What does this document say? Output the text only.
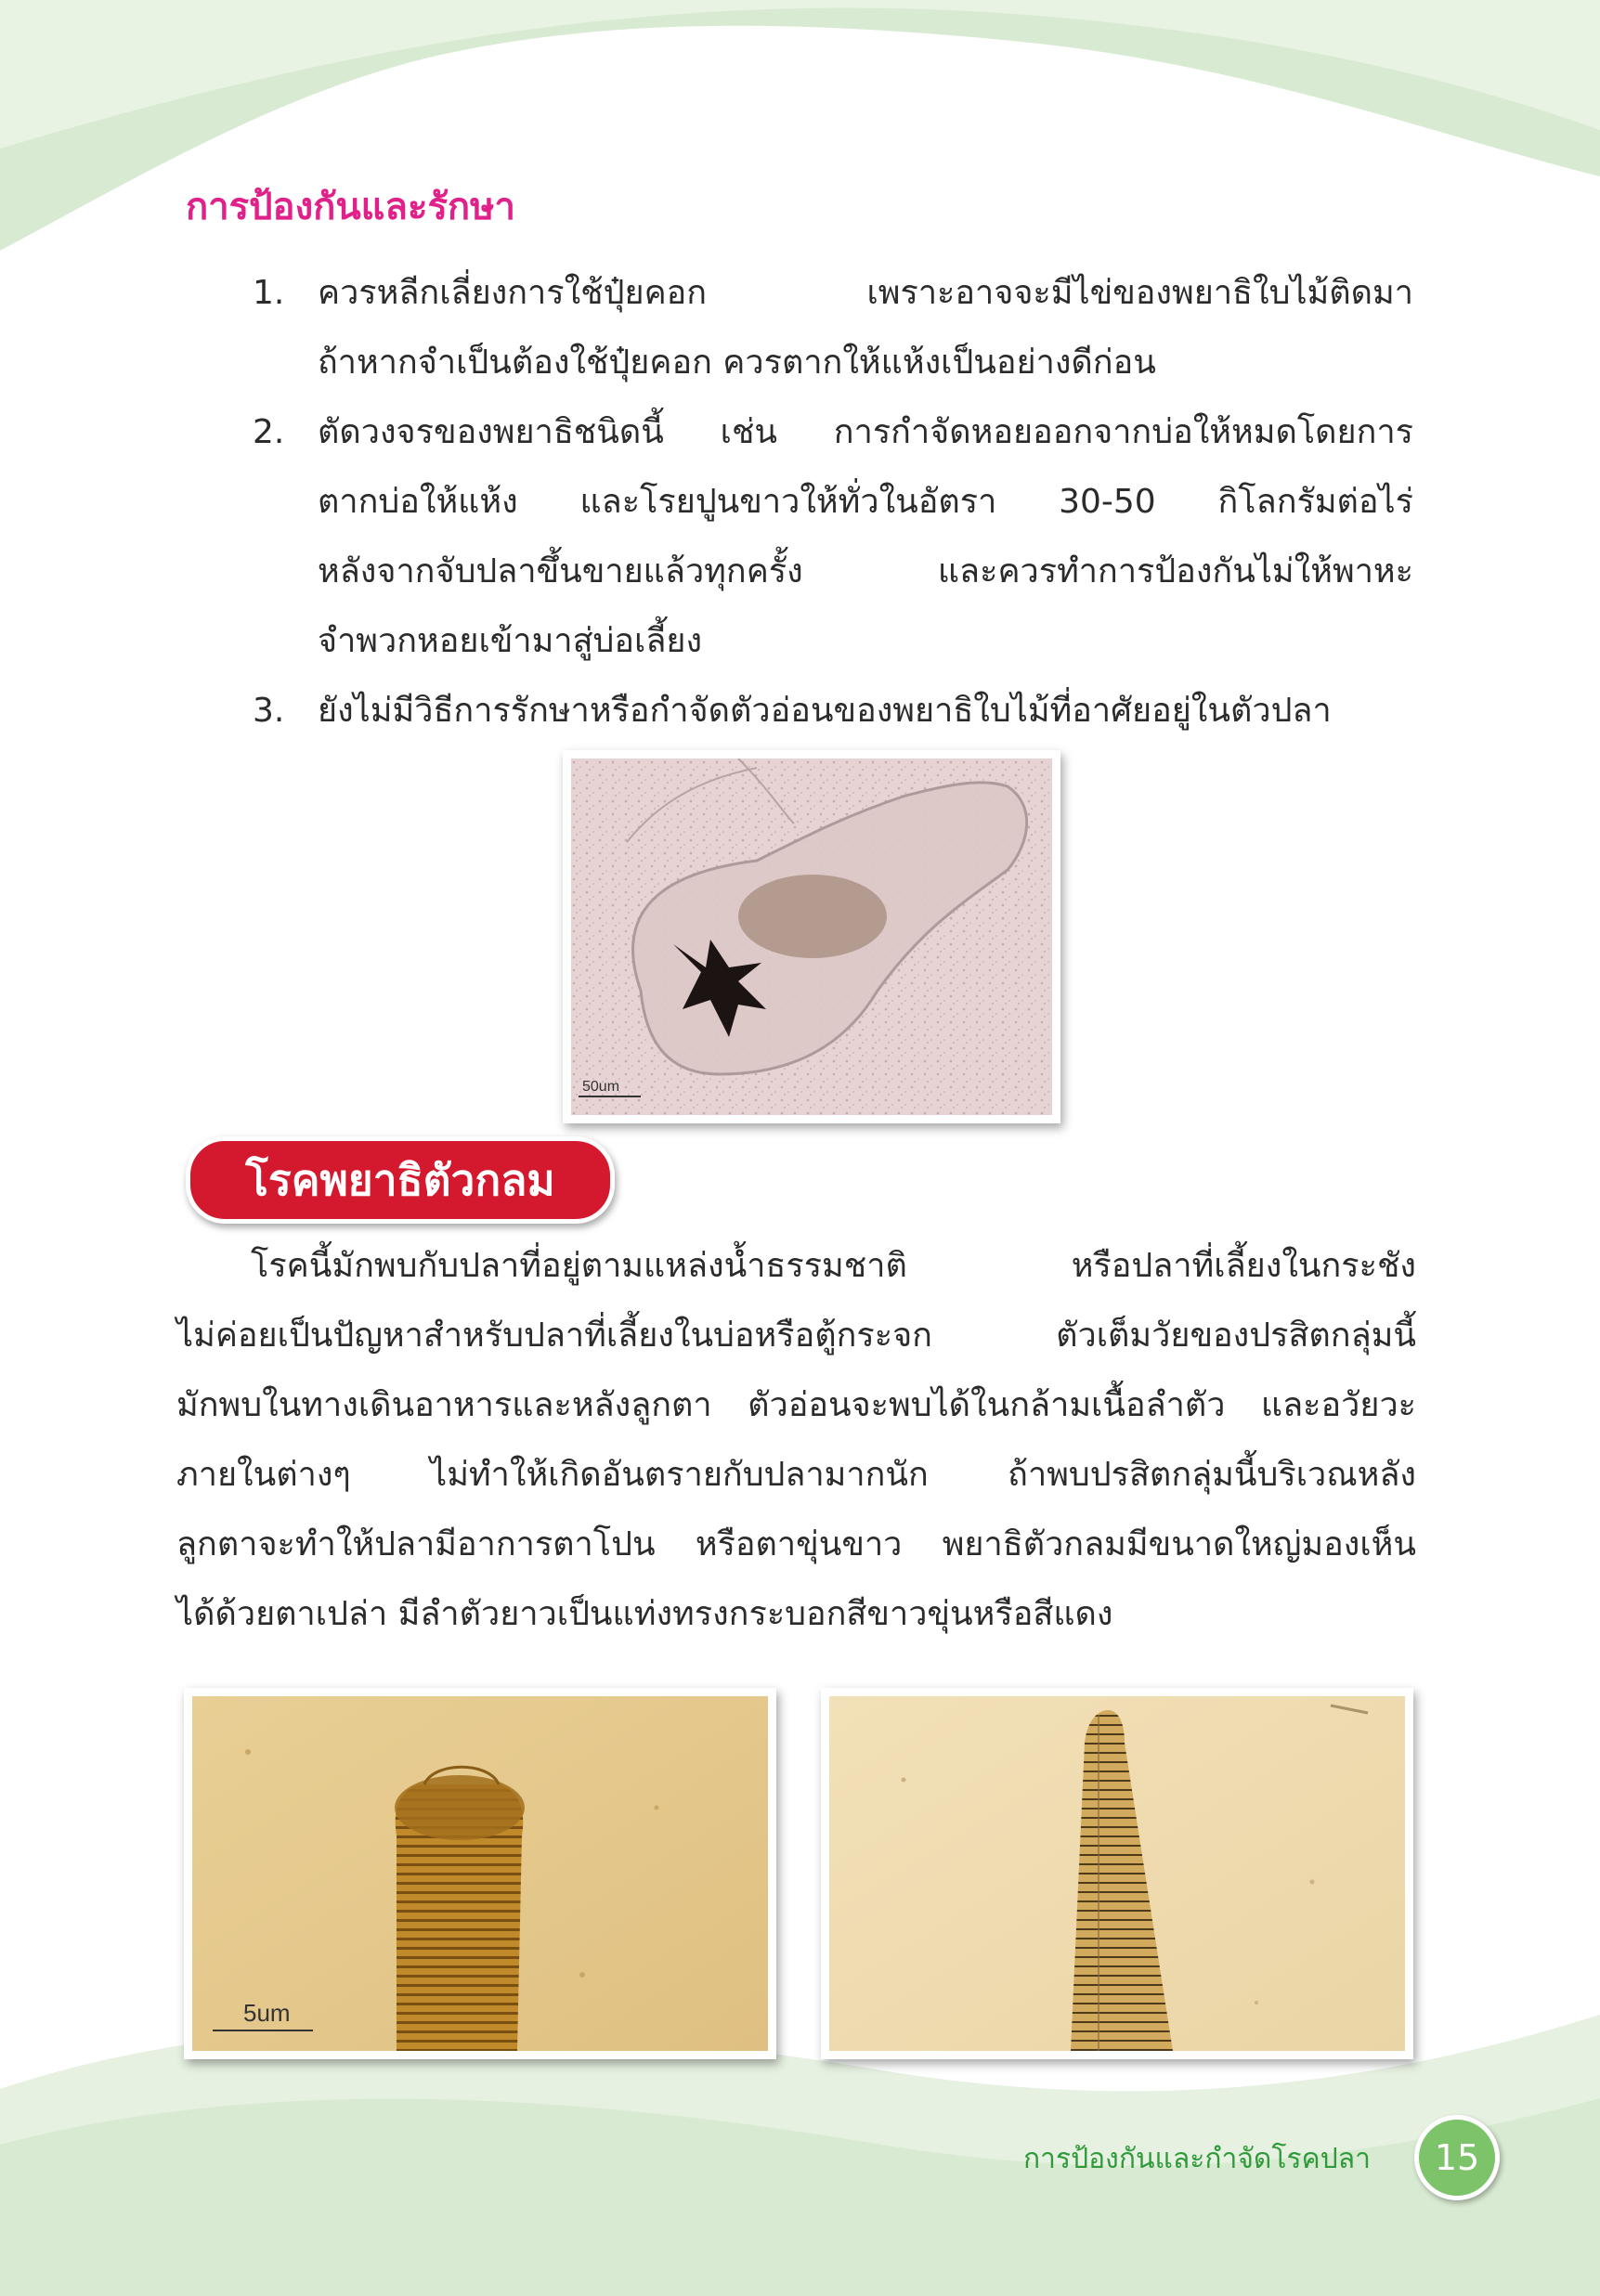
การป้องกันและรักษา
1. ควรหลีกเลี่ยงการใช้ปุ๋ยคอก เพราะอาจจะมีไข่ของพยาธิใบไม้ติดมา
ถ้าหากจำเป็นต้องใช้ปุ๋ยคอก ควรตากให้แห้งเป็นอย่างดีก่อน
2. ตัดวงจรของพยาธิชนิดนี้ เช่น การกำจัดหอยออกจากบ่อให้หมดโดยการ
ตากบ่อให้แห้ง และโรยปูนขาวให้ทั่วในอัตรา 30-50 กิโลกรัมต่อไร่
หลังจากจับปลาขึ้นขายแล้วทุกครั้ง และควรทำการป้องกันไม่ให้พาหะ
จำพวกหอยเข้ามาสู่บ่อเลี้ยง
3. ยังไม่มีวิธีการรักษาหรือกำจัดตัวอ่อนของพยาธิใบไม้ที่อาศัยอยู่ในตัวปลา
50um
โรคพยาธิตัวกลม
โรคนี้มักพบกับปลาที่อยู่ตามแหล่งน้ำธรรมชาติ หรือปลาที่เลี้ยงในกระชัง
ไม่ค่อยเป็นปัญหาสำหรับปลาที่เลี้ยงในบ่อหรือตู้กระจก ตัวเต็มวัยของปรสิตกลุ่มนี้
มักพบในทางเดินอาหารและหลังลูกตา ตัวอ่อนจะพบได้ในกล้ามเนื้อลำตัว และอวัยวะ
ภายในต่างๆ ไม่ทำให้เกิดอันตรายกับปลามากนัก ถ้าพบปรสิตกลุ่มนี้บริเวณหลัง
ลูกตาจะทำให้ปลามีอาการตาโปน หรือตาขุ่นขาว พยาธิตัวกลมมีขนาดใหญ่มองเห็น
ได้ด้วยตาเปล่า มีลำตัวยาวเป็นแท่งทรงกระบอกสีขาวขุ่นหรือสีแดง
5um
การป้องกันและกำจัดโรคปลา	15
